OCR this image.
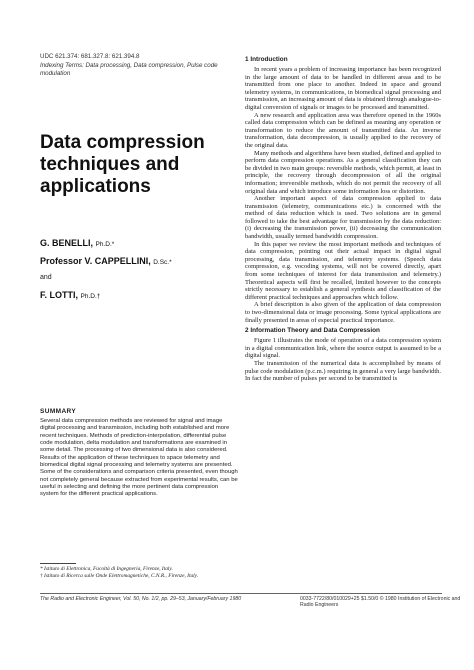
UDC 621.374: 681.327.8: 621.394.8
Indexing Terms: Data processing, Data compression, Pulse code modulation
Data compression
techniques and
applications
G. BENELLI, Ph.D.*
Professor V. CAPPELLINI, D.Sc.*
and
F. LOTTI, Ph.D.†
SUMMARY

Several data compression methods are reviewed for signal and image digital processing and transmission, including both established and more recent techniques. Methods of prediction-interpolation, differential pulse code modulation, delta modulation and transformations are examined in some detail. The processing of two dimensional data is also considered.

Results of the application of these techniques to space telemetry and biomedical digital signal processing and telemetry systems are presented.

Some of the considerations and comparison criteria presented, even though not completely general because extracted from experimental results, can be useful in selecting and defining the more pertinent data compression system for the different practical applications.

* Istituto di Elettronica, Facoltà di Ingegneria, Firenze, Italy.
† Istituto di Ricerca sulle Onde Elettromagnetiche, C.N.R., Firenze, Italy.
1 Introduction

In recent years a problem of increasing importance has been recognized in the large amount of data to be handled in different areas and to be transmitted from one place to another. Indeed in space and ground telemetry systems, in communications, in biomedical signal processing and transmission, an increasing amount of data is obtained through analogue-to-digital conversion of signals or images to be processed and transmitted.

A new research and application area was therefore opened in the 1960s called data compression which can be defined as meaning any operation or transformation to reduce the amount of transmitted data. An inverse transformation, data decompression, is usually applied to the recovery of the original data.

Many methods and algorithms have been studied, defined and applied to perform data compression operations. As a general classification they can be divided in two main groups: reversible methods, which permit, at least in principle, the recovery through decompression of all the original information; irreversible methods, which do not permit the recovery of all original data and which introduce some information loss or distortion.

Another important aspect of data compression applied to data transmission (telemetry, communications etc.) is concerned with the method of data reduction which is used. Two solutions are in general followed to take the best advantage for transmission by the data reduction: (i) decreasing the transmission power, (ii) decreasing the communication bandwidth, usually termed bandwidth compression.

In this paper we review the most important methods and techniques of data compression, pointing out their actual impact in digital signal processing, data transmission, and telemetry systems. (Speech data compression, e.g. vocoding systems, will not be covered directly, apart from some techniques of interest for data transmission and telemetry.) Theoretical aspects will first be recalled, limited however to the concepts strictly necessary to establish a general synthesis and classification of the different practical techniques and approaches which follow.

A brief description is also given of the application of data compression to two-dimensional data or image processing. Some typical applications are finally presented in areas of especial practical importance.

2 Information Theory and Data Compression

Figure 1 illustrates the mode of operation of a data compression system in a digital communication link, where the source output is assumed to be a digital signal.

The transmission of the numerical data is accomplished by means of pulse code modulation (p.c.m.) requiring in general a very large bandwidth. In fact the number of pulses per second to be transmitted is

The Radio and Electronic Engineer, Vol. 50, No. 1/2, pp. 29–53, January/February 1980	0033-7722/80/010029+25 $1.50/0 © 1980 Institution of Electronic and Radio Engineers
